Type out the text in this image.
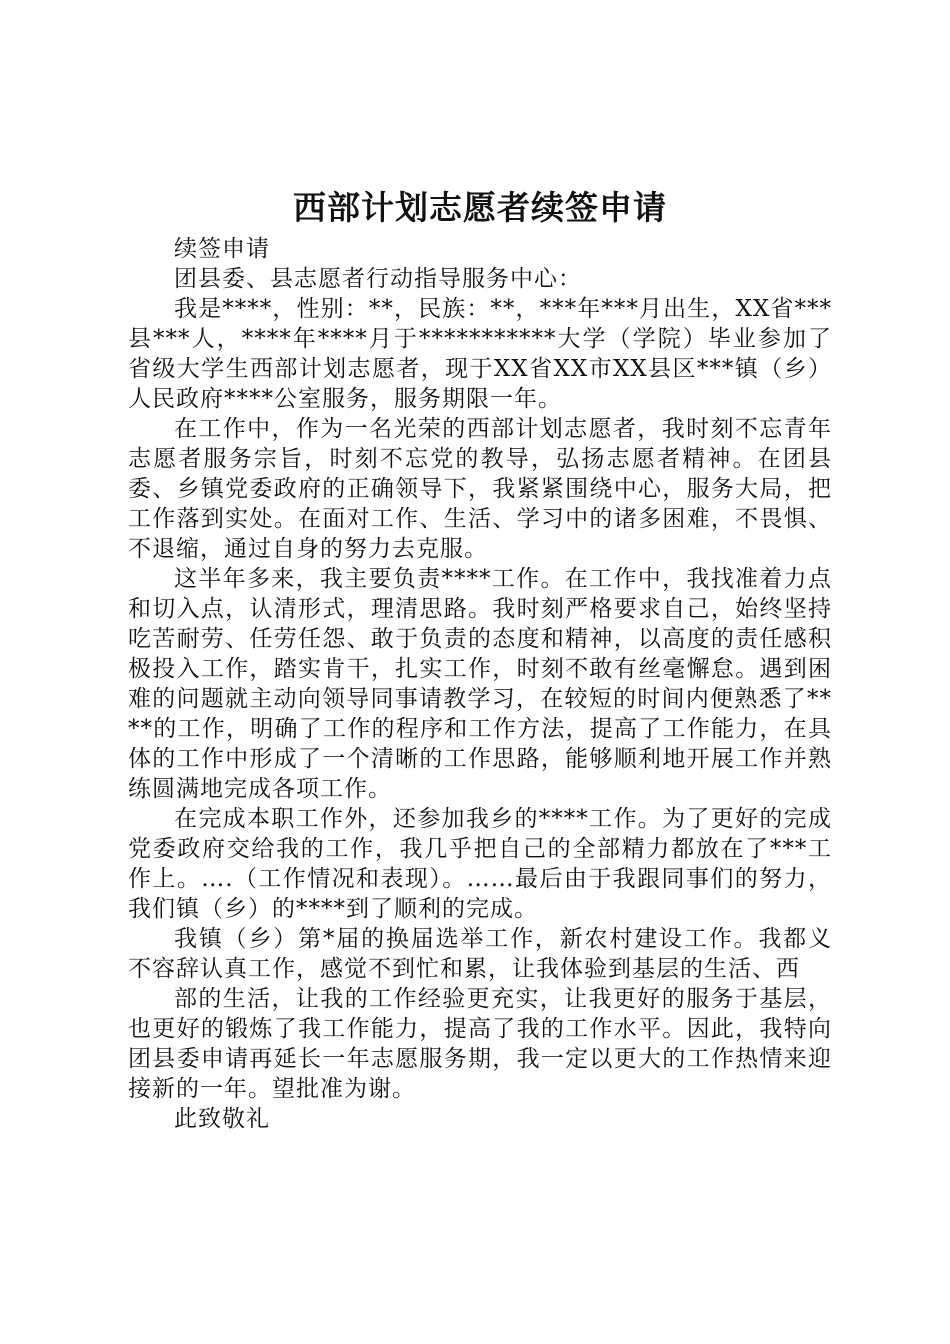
西部计划志愿者续签申请

续签申请

团县委、县志愿者行动指导服务中心：

我是****，性别：**，民族：**，***年***月出生，XX省***县***人，****年****月于***********大学（学院）毕业参加了省级大学生西部计划志愿者，现于XX省XX市XX县区***镇（乡）人民政府****公室服务，服务期限一年。

在工作中，作为一名光荣的西部计划志愿者，我时刻不忘青年志愿者服务宗旨，时刻不忘党的教导，弘扬志愿者精神。在团县委、乡镇党委政府的正确领导下，我紧紧围绕中心，服务大局，把工作落到实处。在面对工作、生活、学习中的诸多困难，不畏惧、不退缩，通过自身的努力去克服。

这半年多来，我主要负责****工作。在工作中，我找准着力点和切入点，认清形式，理清思路。我时刻严格要求自己，始终坚持吃苦耐劳、任劳任怨、敢于负责的态度和精神，以高度的责任感积极投入工作，踏实肯干，扎实工作，时刻不敢有丝毫懈怠。遇到困难的问题就主动向领导同事请教学习，在较短的时间内便熟悉了****的工作，明确了工作的程序和工作方法，提高了工作能力，在具体的工作中形成了一个清晰的工作思路，能够顺利地开展工作并熟练圆满地完成各项工作。

在完成本职工作外，还参加我乡的****工作。为了更好的完成党委政府交给我的工作，我几乎把自己的全部精力都放在了***工作上。….（工作情况和表现）。……最后由于我跟同事们的努力，我们镇（乡）的****到了顺利的完成。

我镇（乡）第*届的换届选举工作，新农村建设工作。我都义不容辞认真工作，感觉不到忙和累，让我体验到基层的生活、西

部的生活，让我的工作经验更充实，让我更好的服务于基层，也更好的锻炼了我工作能力，提高了我的工作水平。因此，我特向团县委申请再延长一年志愿服务期，我一定以更大的工作热情来迎接新的一年。望批准为谢。

此致敬礼
